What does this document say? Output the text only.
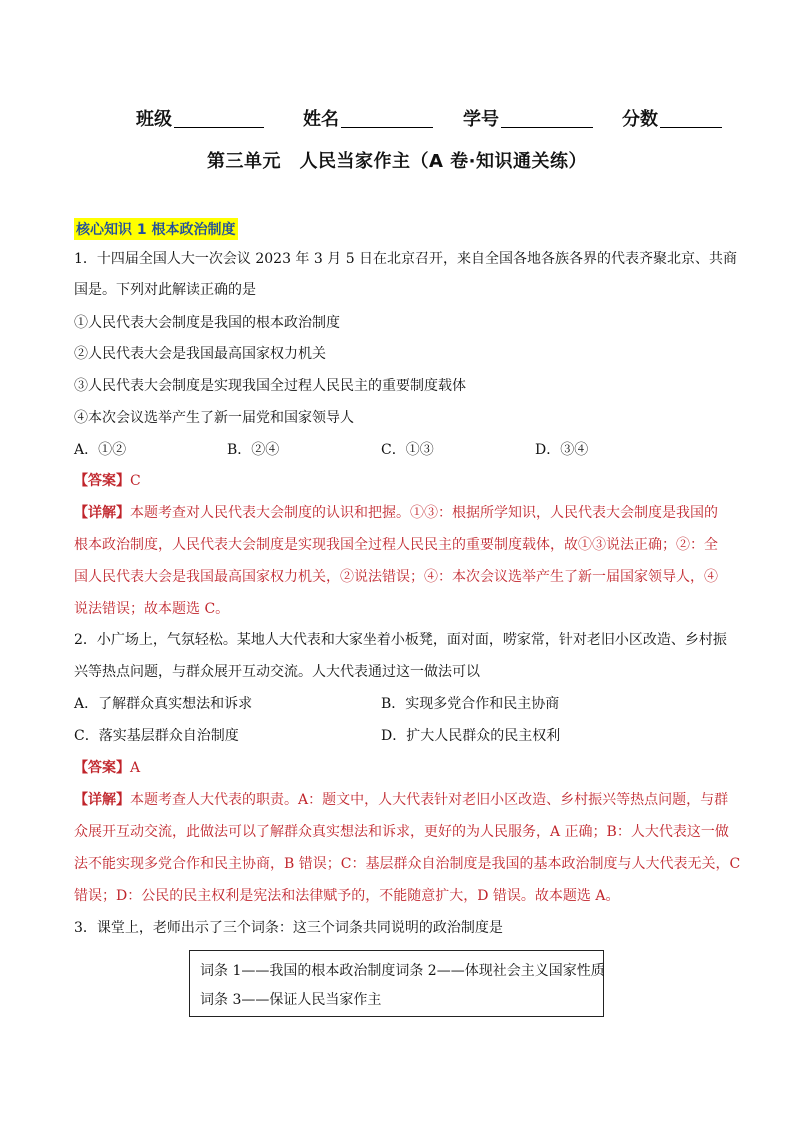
班级	姓名	学号	分数
第三单元　人民当家作主（A 卷·知识通关练）
核心知识 1 根本政治制度
1．十四届全国人大一次会议 2023 年 3 月 5 日在北京召开，来自全国各地各族各界的代表齐聚北京、共商
国是。下列对此解读正确的是
①人民代表大会制度是我国的根本政治制度
②人民代表大会是我国最高国家权力机关
③人民代表大会制度是实现我国全过程人民民主的重要制度载体
④本次会议选举产生了新一届党和国家领导人
A．①②	B．②④	C．①③	D．③④
【答案】C
【详解】本题考查对人民代表大会制度的认识和把握。①③：根据所学知识，人民代表大会制度是我国的
根本政治制度，人民代表大会制度是实现我国全过程人民民主的重要制度载体，故①③说法正确；②：全
国人民代表大会是我国最高国家权力机关，②说法错误；④：本次会议选举产生了新一届国家领导人，④
说法错误；故本题选 C。
2．小广场上，气氛轻松。某地人大代表和大家坐着小板凳，面对面，唠家常，针对老旧小区改造、乡村振
兴等热点问题，与群众展开互动交流。人大代表通过这一做法可以
A．了解群众真实想法和诉求	B．实现多党合作和民主协商
C．落实基层群众自治制度	D．扩大人民群众的民主权利
【答案】A
【详解】本题考查人大代表的职责。A：题文中，人大代表针对老旧小区改造、乡村振兴等热点问题，与群
众展开互动交流，此做法可以了解群众真实想法和诉求，更好的为人民服务，A 正确；B：人大代表这一做
法不能实现多党合作和民主协商，B 错误；C：基层群众自治制度是我国的基本政治制度与人大代表无关，C
错误；D：公民的民主权利是宪法和法律赋予的，不能随意扩大，D 错误。故本题选 A。
3．课堂上，老师出示了三个词条：这三个词条共同说明的政治制度是
词条 1——我国的根本政治制度词条 2——体现社会主义国家性质
词条 3——保证人民当家作主
